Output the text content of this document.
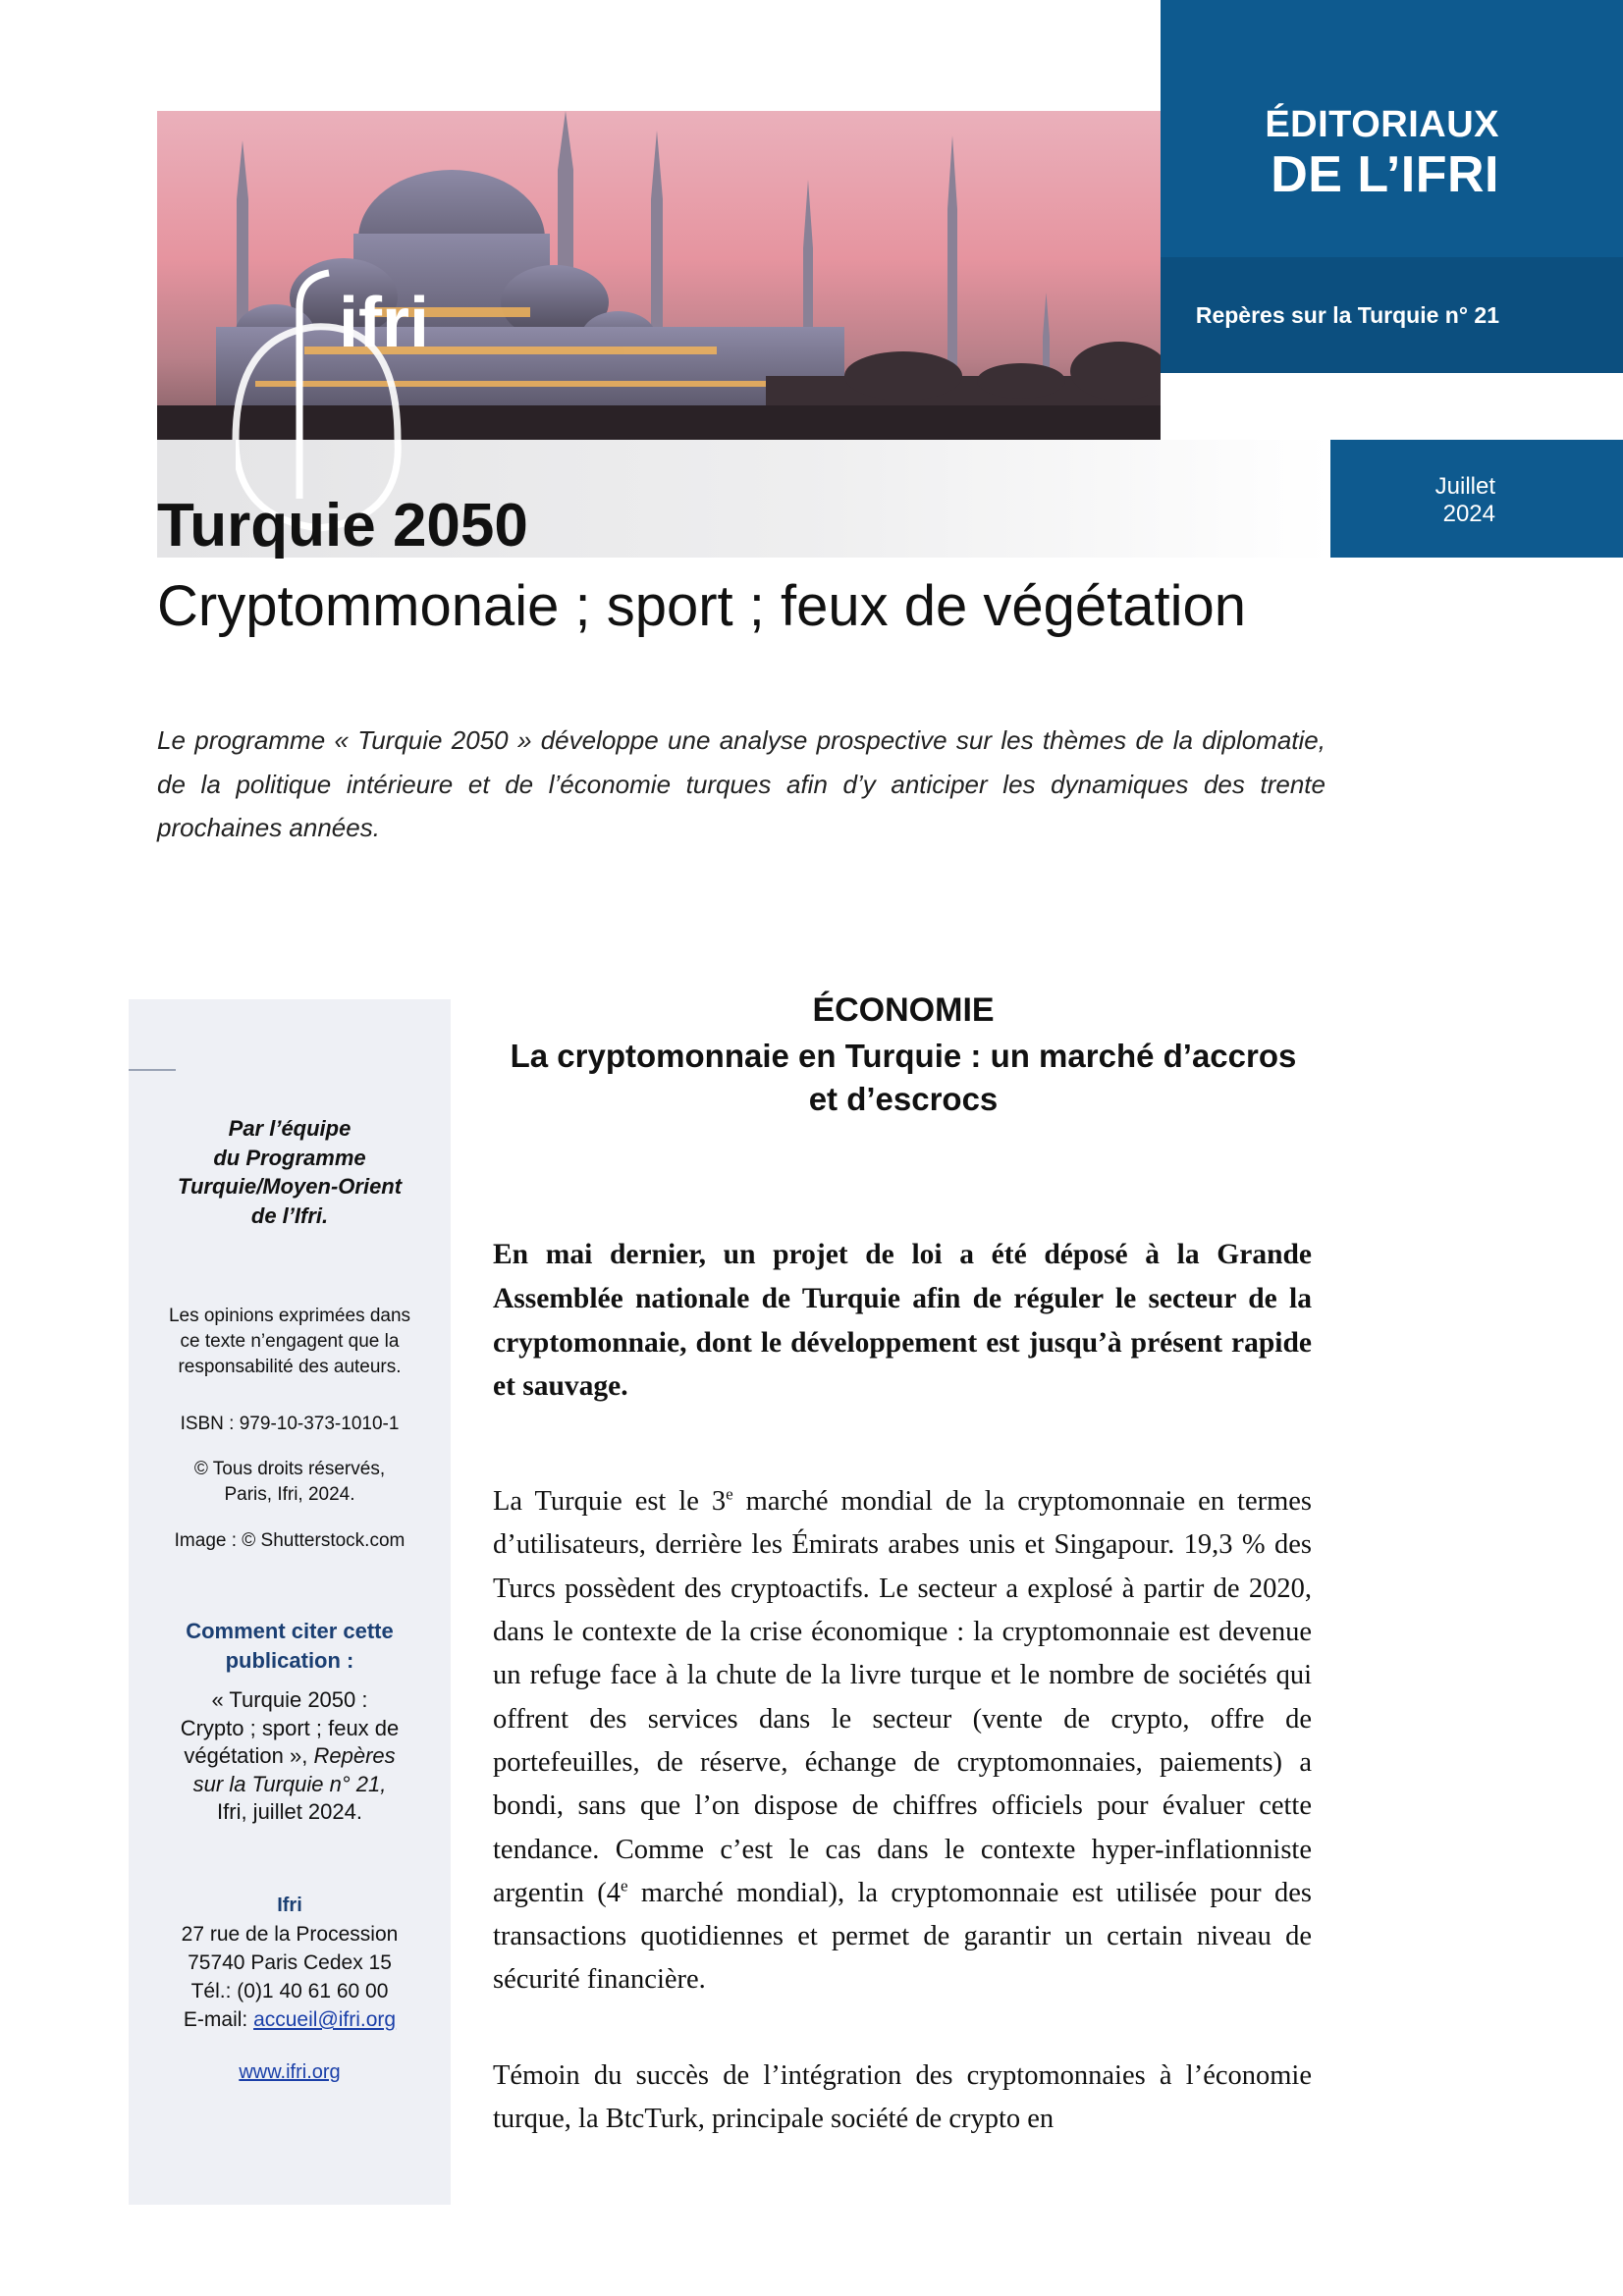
ifri
ÉDITORIAUX
DE L’IFRI
Repères sur la Turquie n° 21
Juillet
2024
Turquie 2050
Cryptommonaie ; sport ; feux de végétation
Le programme « Turquie 2050 » développe une analyse prospective sur les thèmes de la diplomatie, de la politique intérieure et de l’économie turques afin d’y anticiper les dynamiques des trente prochaines années.
Par l’équipe
du Programme
Turquie/Moyen-Orient
de l’Ifri.
Les opinions exprimées dans
ce texte n’engagent que la
responsabilité des auteurs.
ISBN : 979-10-373-1010-1
© Tous droits réservés,
Paris, Ifri, 2024.
Image : © Shutterstock.com
Comment citer cette
publication :
« Turquie 2050 :
Crypto ; sport ; feux de
végétation », Repères
sur la Turquie n° 21,
Ifri, juillet 2024.
Ifri
27 rue de la Procession
75740 Paris Cedex 15
Tél.: (0)1 40 61 60 00
E-mail: accueil@ifri.org
www.ifri.org
ÉCONOMIE
La cryptomonnaie en Turquie : un marché d’accros
et d’escrocs
En mai dernier, un projet de loi a été déposé à la Grande Assemblée nationale de Turquie afin de réguler le secteur de la cryptomonnaie, dont le développement est jusqu’à présent rapide et sauvage.
La Turquie est le 3e marché mondial de la cryptomonnaie en termes d’utilisateurs, derrière les Émirats arabes unis et Singapour. 19,3 % des Turcs possèdent des cryptoactifs. Le secteur a explosé à partir de 2020, dans le contexte de la crise économique : la cryptomonnaie est devenue un refuge face à la chute de la livre turque et le nombre de sociétés qui offrent des services dans le secteur (vente de crypto, offre de portefeuilles, de réserve, échange de cryptomonnaies, paiements) a bondi, sans que l’on dispose de chiffres officiels pour évaluer cette tendance. Comme c’est le cas dans le contexte hyper-inflationniste argentin (4e marché mondial), la cryptomonnaie est utilisée pour des transactions quotidiennes et permet de garantir un certain niveau de sécurité financière.
Témoin du succès de l’intégration des cryptomonnaies à l’économie turque, la BtcTurk, principale société de crypto en
